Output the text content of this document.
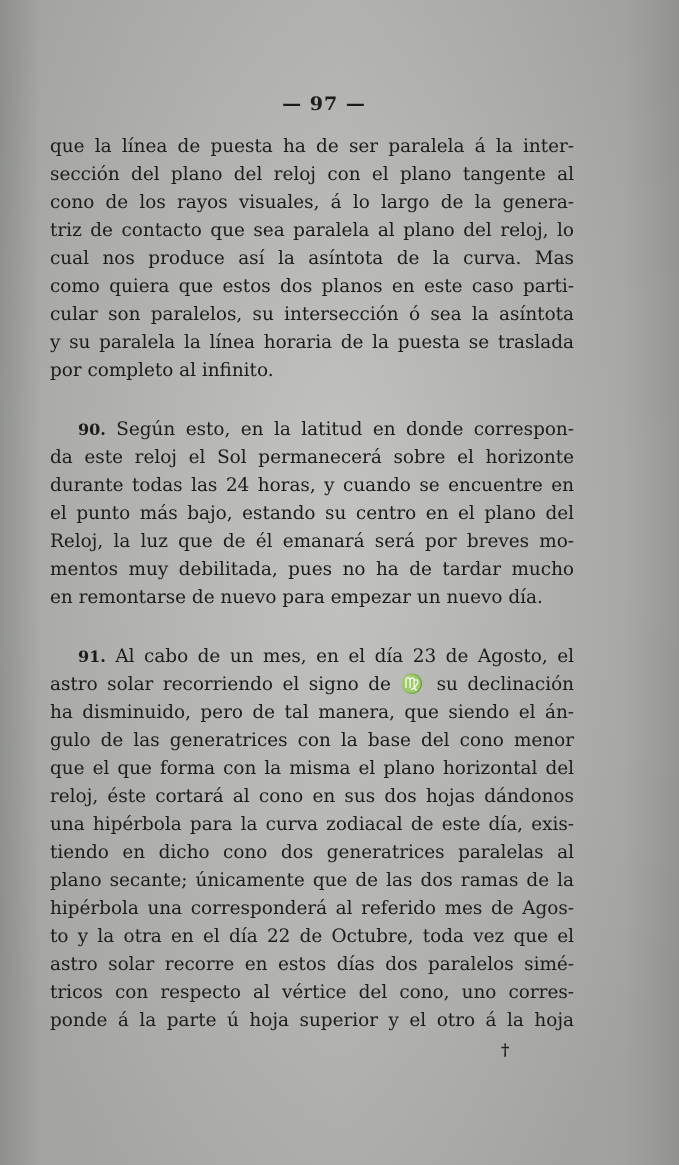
— 97 —
que la línea de puesta ha de ser paralela á la inter-
sección del plano del reloj con el plano tangente al
cono de los rayos visuales, á lo largo de la genera-
triz de contacto que sea paralela al plano del reloj, lo
cual nos produce así la asíntota de la curva. Mas
como quiera que estos dos planos en este caso parti-
cular son paralelos, su intersección ó sea la asíntota
y su paralela la línea horaria de la puesta se traslada
por completo al infinito.
90. Según esto, en la latitud en donde correspon-
da este reloj el Sol permanecerá sobre el horizonte
durante todas las 24 horas, y cuando se encuentre en
el punto más bajo, estando su centro en el plano del
Reloj, la luz que de él emanará será por breves mo-
mentos muy debilitada, pues no ha de tardar mucho
en remontarse de nuevo para empezar un nuevo día.
91. Al cabo de un mes, en el día 23 de Agosto, el
astro solar recorriendo el signo de ♍ su declinación
ha disminuido, pero de tal manera, que siendo el án-
gulo de las generatrices con la base del cono menor
que el que forma con la misma el plano horizontal del
reloj, éste cortará al cono en sus dos hojas dándonos
una hipérbola para la curva zodiacal de este día, exis-
tiendo en dicho cono dos generatrices paralelas al
plano secante; únicamente que de las dos ramas de la
hipérbola una corresponderá al referido mes de Agos-
to y la otra en el día 22 de Octubre, toda vez que el
astro solar recorre en estos días dos paralelos simé-
tricos con respecto al vértice del cono, uno corres-
ponde á la parte ú hoja superior y el otro á la hoja
†
